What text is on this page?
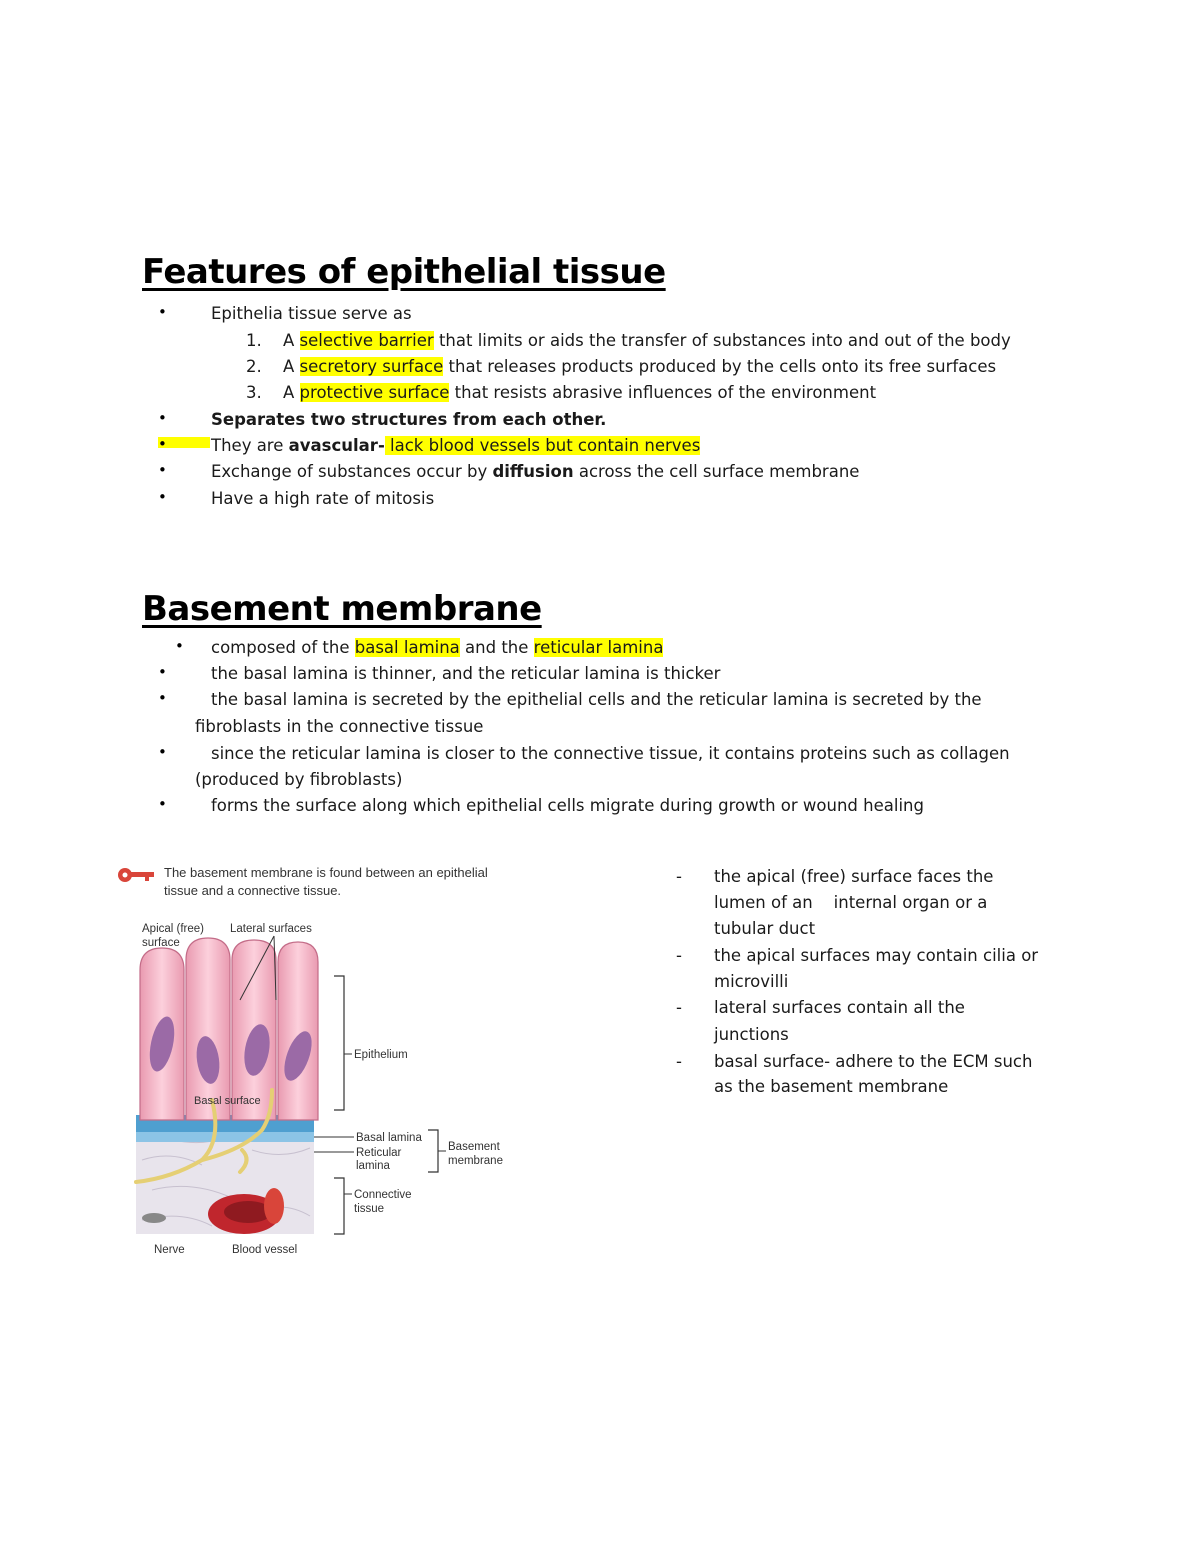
Features of epithelial tissue
•	Epithelia tissue serve as
1. A selective barrier that limits or aids the transfer of substances into and out of the body
2. A secretory surface that releases products produced by the cells onto its free surfaces
3. A protective surface that resists abrasive influences of the environment
•	Separates two structures from each other.
•	They are avascular- lack blood vessels but contain nerves
•	Exchange of substances occur by diffusion across the cell surface membrane
•	Have a high rate of mitosis
Basement membrane
• composed of the basal lamina and the reticular lamina
•	the basal lamina is thinner, and the reticular lamina is thicker
•	the basal lamina is secreted by the epithelial cells and the reticular lamina is secreted by the
fibroblasts in the connective tissue
•	since the reticular lamina is closer to the connective tissue, it contains proteins such as collagen
(produced by fibroblasts)
•	forms the surface along which epithelial cells migrate during growth or wound healing
The basement membrane is found between an epithelial
tissue and a connective tissue.
Apical (free)
surface
Lateral surfaces
Epithelium
Basal surface
Basal lamina
Reticular
lamina
Basement
membrane
Connective
tissue
Nerve	Blood vessel
- the apical (free) surface faces the
lumen of an    internal organ or a
tubular duct
- the apical surfaces may contain cilia or
microvilli
- lateral surfaces contain all the
junctions
- basal surface- adhere to the ECM such
as the basement membrane
